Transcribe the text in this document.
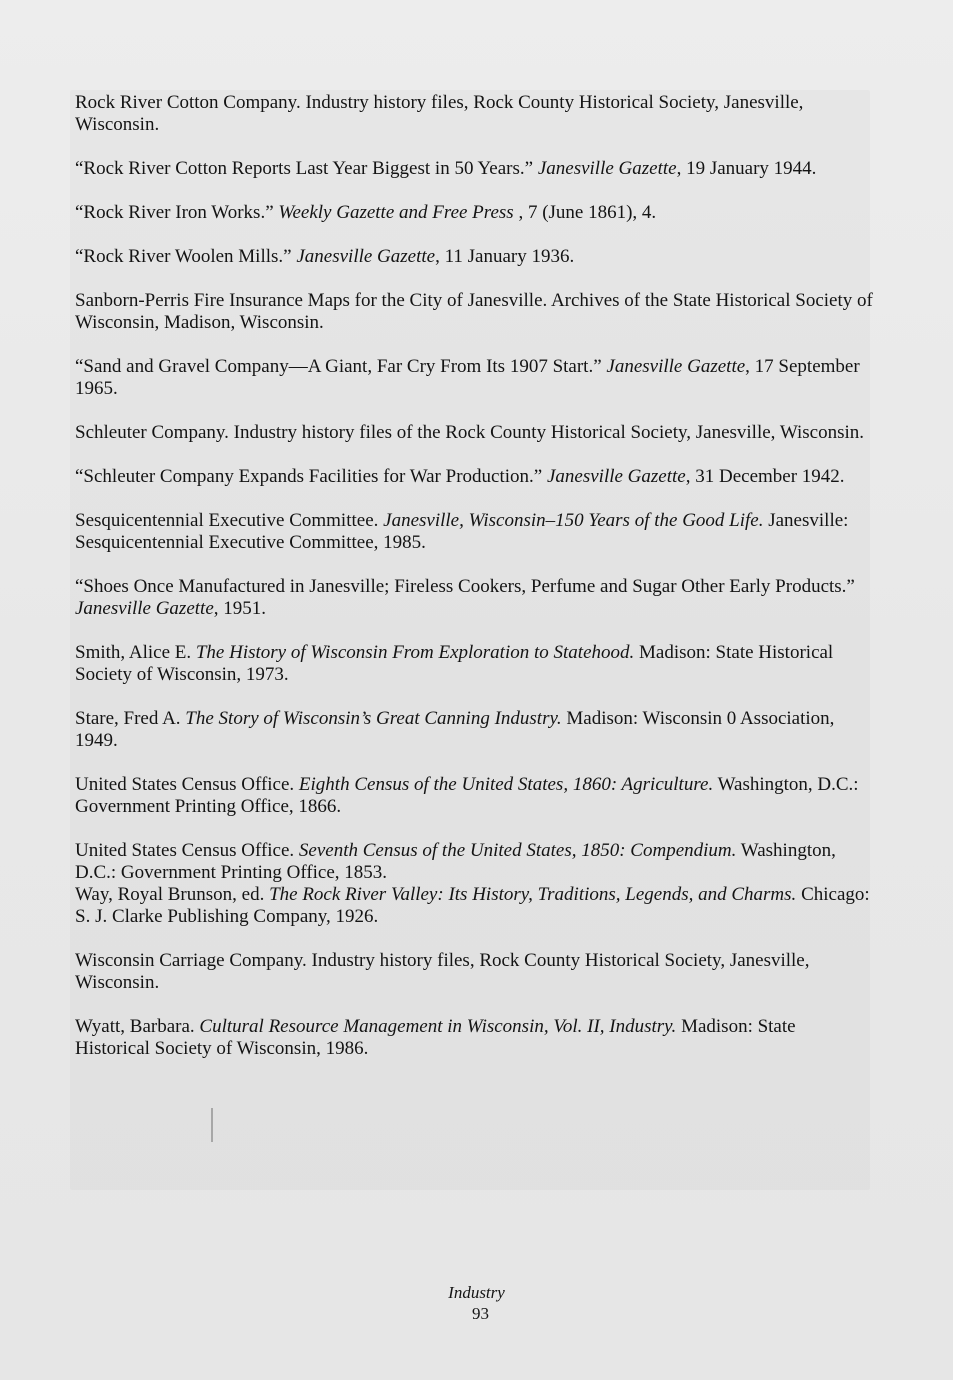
Rock River Cotton Company. Industry history files, Rock County Historical Society, Janesville, Wisconsin.

“Rock River Cotton Reports Last Year Biggest in 50 Years.” Janesville Gazette, 19 January 1944.

“Rock River Iron Works.” Weekly Gazette and Free Press , 7 (June 1861), 4.

“Rock River Woolen Mills.” Janesville Gazette, 11 January 1936.

Sanborn-Perris Fire Insurance Maps for the City of Janesville. Archives of the State Historical Society of Wisconsin, Madison, Wisconsin.

“Sand and Gravel Company—A Giant, Far Cry From Its 1907 Start.” Janesville Gazette, 17 September 1965.

Schleuter Company. Industry history files of the Rock County Historical Society, Janesville, Wisconsin.

“Schleuter Company Expands Facilities for War Production.” Janesville Gazette, 31 December 1942.

Sesquicentennial Executive Committee. Janesville, Wisconsin–150 Years of the Good Life. Janesville: Sesquicentennial Executive Committee, 1985.

“Shoes Once Manufactured in Janesville; Fireless Cookers, Perfume and Sugar Other Early Products.” Janesville Gazette, 1951.

Smith, Alice E. The History of Wisconsin From Exploration to Statehood. Madison: State Historical Society of Wisconsin, 1973.

Stare, Fred A. The Story of Wisconsin’s Great Canning Industry. Madison: Wisconsin 0 Association, 1949.

United States Census Office. Eighth Census of the United States, 1860: Agriculture. Washington, D.C.: Government Printing Office, 1866.

United States Census Office. Seventh Census of the United States, 1850: Compendium. Washington, D.C.: Government Printing Office, 1853.

Way, Royal Brunson, ed. The Rock River Valley: Its History, Traditions, Legends, and Charms. Chicago: S. J. Clarke Publishing Company, 1926.

Wisconsin Carriage Company. Industry history files, Rock County Historical Society, Janesville, Wisconsin.

Wyatt, Barbara. Cultural Resource Management in Wisconsin, Vol. II, Industry. Madison: State Historical Society of Wisconsin, 1986.

Industry
93
